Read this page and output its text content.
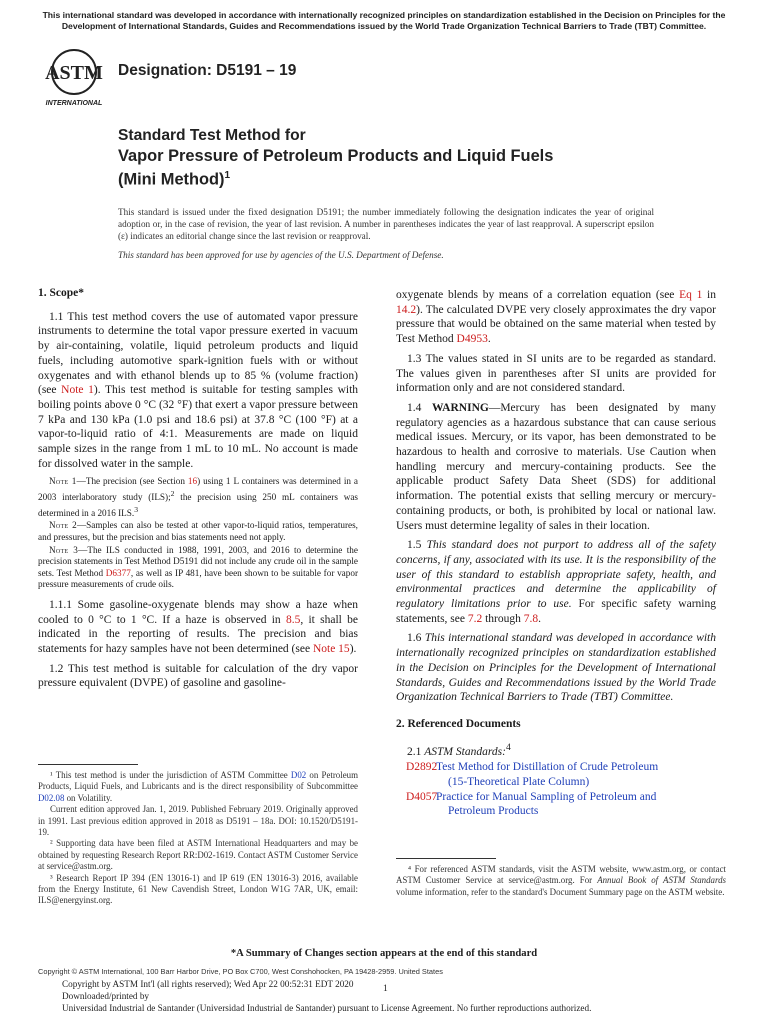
This international standard was developed in accordance with internationally recognized principles on standardization established in the Decision on Principles for the Development of International Standards, Guides and Recommendations issued by the World Trade Organization Technical Barriers to Trade (TBT) Committee.
ASTM
INTERNATIONAL
Designation: D5191 – 19
Standard Test Method for
Vapor Pressure of Petroleum Products and Liquid Fuels
(Mini Method)$^1$

This standard is issued under the fixed designation D5191; the number immediately following the designation indicates the year of original adoption or, in the case of revision, the year of last revision. A number in parentheses indicates the year of last reapproval. A superscript epsilon (ε) indicates an editorial change since the last revision or reapproval.

This standard has been approved for use by agencies of the U.S. Department of Defense.

1. Scope*

1.1 This test method covers the use of automated vapor pressure instruments to determine the total vapor pressure exerted in vacuum by air-containing, volatile, liquid petroleum products and liquid fuels, including automotive spark-ignition fuels with or without oxygenates and with ethanol blends up to 85 % (volume fraction) (see Note 1). This test method is suitable for testing samples with boiling points above 0 °C (32 °F) that exert a vapor pressure between 7 kPa and 130 kPa (1.0 psi and 18.6 psi) at 37.8 °C (100 °F) at a vapor-to-liquid ratio of 4:1. Measurements are made on liquid sample sizes in the range from 1 mL to 10 mL. No account is made for dissolved water in the sample.

Note 1—The precision (see Section 16) using 1 L containers was determined in a 2003 interlaboratory study (ILS);$^2$ the precision using 250 mL containers was determined in a 2016 ILS.$^3$

Note 2—Samples can also be tested at other vapor-to-liquid ratios, temperatures, and pressures, but the precision and bias statements need not apply.

Note 3—The ILS conducted in 1988, 1991, 2003, and 2016 to determine the precision statements in Test Method D5191 did not include any crude oil in the sample sets. Test Method D6377, as well as IP 481, have been shown to be suitable for vapor pressure measurements of crude oils.

1.1.1 Some gasoline-oxygenate blends may show a haze when cooled to 0 °C to 1 °C. If a haze is observed in 8.5, it shall be indicated in the reporting of results. The precision and bias statements for hazy samples have not been determined (see Note 15).

1.2 This test method is suitable for calculation of the dry vapor pressure equivalent (DVPE) of gasoline and gasoline-

¹ This test method is under the jurisdiction of ASTM Committee D02 on Petroleum Products, Liquid Fuels, and Lubricants and is the direct responsibility of Subcommittee D02.08 on Volatility.

Current edition approved Jan. 1, 2019. Published February 2019. Originally approved in 1991. Last previous edition approved in 2018 as D5191 – 18a. DOI: 10.1520/D5191-19.

² Supporting data have been filed at ASTM International Headquarters and may be obtained by requesting Research Report RR:D02-1619. Contact ASTM Customer Service at service@astm.org.

³ Research Report IP 394 (EN 13016-1) and IP 619 (EN 13016-3) 2016, available from the Energy Institute, 61 New Cavendish Street, London W1G 7AR, UK, email: ILS@energyinst.org.

oxygenate blends by means of a correlation equation (see Eq 1 in 14.2). The calculated DVPE very closely approximates the dry vapor pressure that would be obtained on the same material when tested by Test Method D4953.

1.3 The values stated in SI units are to be regarded as standard. The values given in parentheses after SI units are provided for information only and are not considered standard.

1.4 WARNING—Mercury has been designated by many regulatory agencies as a hazardous substance that can cause serious medical issues. Mercury, or its vapor, has been demonstrated to be hazardous to health and corrosive to materials. Use Caution when handling mercury and mercury-containing products. See the applicable product Safety Data Sheet (SDS) for additional information. The potential exists that selling mercury or mercury-containing products, or both, is prohibited by local or national law. Users must determine legality of sales in their location.

1.5 This standard does not purport to address all of the safety concerns, if any, associated with its use. It is the responsibility of the user of this standard to establish appropriate safety, health, and environmental practices and determine the applicability of regulatory limitations prior to use. For specific safety warning statements, see 7.2 through 7.8.

1.6 This international standard was developed in accordance with internationally recognized principles on standardization established in the Decision on Principles for the Development of International Standards, Guides and Recommendations issued by the World Trade Organization Technical Barriers to Trade (TBT) Committee.

2. Referenced Documents

2.1 ASTM Standards:$^4$

D2892
Test Method for Distillation of Crude Petroleum
(15-Theoretical Plate Column)
D4057
Practice for Manual Sampling of Petroleum and
Petroleum Products

⁴ For referenced ASTM standards, visit the ASTM website, www.astm.org, or contact ASTM Customer Service at service@astm.org. For Annual Book of ASTM Standards volume information, refer to the standard's Document Summary page on the ASTM website.

*A Summary of Changes section appears at the end of this standard
Copyright © ASTM International, 100 Barr Harbor Drive, PO Box C700, West Conshohocken, PA 19428-2959. United States
Copyright by ASTM Int'l (all rights reserved); Wed Apr 22 00:52:31 EDT 2020
Downloaded/printed by
Universidad Industrial de Santander (Universidad Industrial de Santander) pursuant to License Agreement. No further reproductions authorized.
1
